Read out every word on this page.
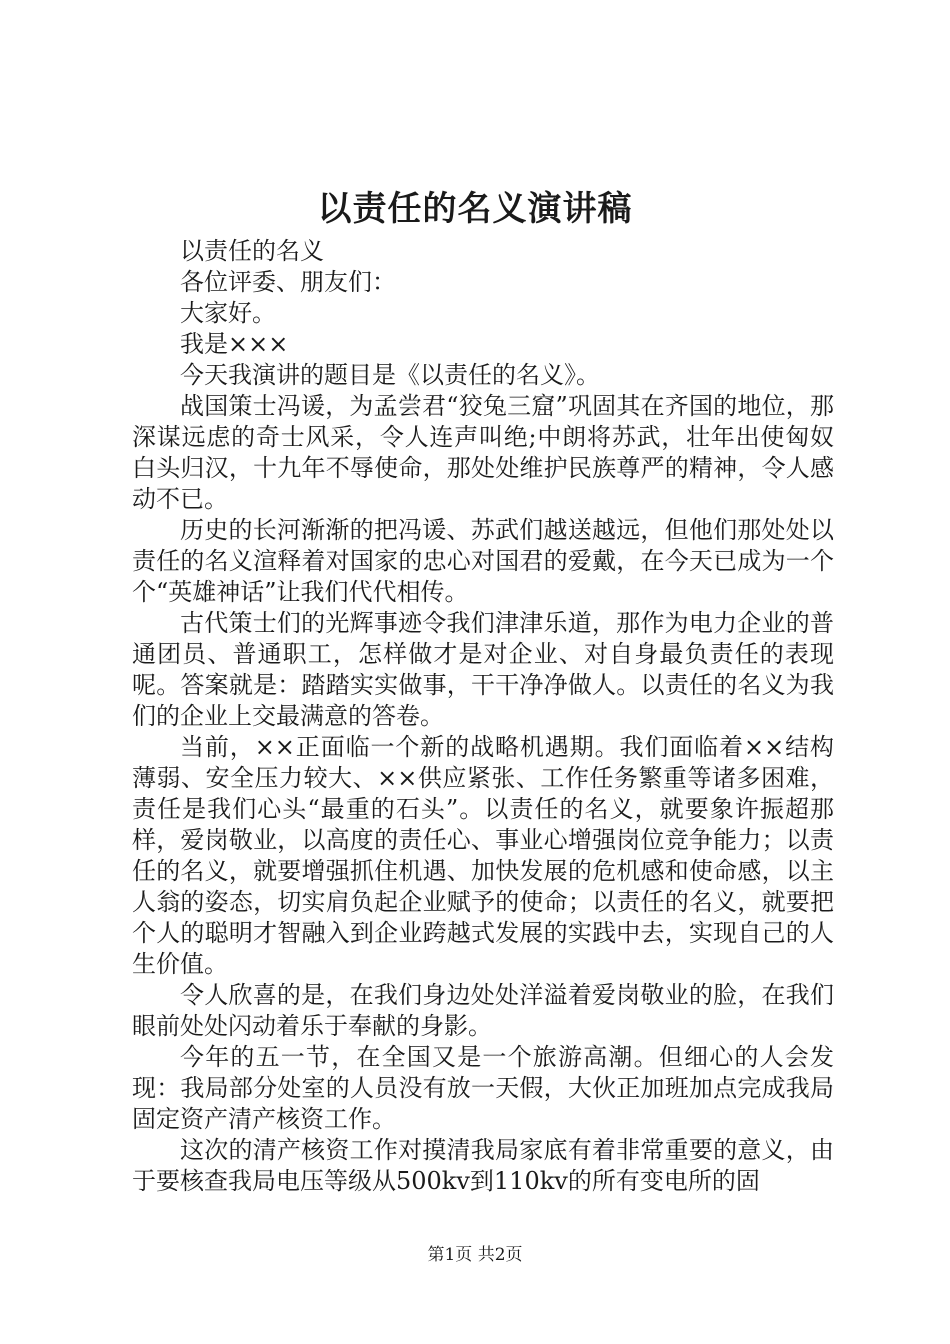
以责任的名义演讲稿

以责任的名义

各位评委、朋友们：

大家好。

我是×××

今天我演讲的题目是《以责任的名义》。

战国策士冯谖，为孟尝君“狡兔三窟”巩固其在齐国的地位，那深谋远虑的奇士风采，令人连声叫绝;中朗将苏武，壮年出使匈奴白头归汉，十九年不辱使命，那处处维护民族尊严的精神，令人感动不已。

历史的长河渐渐的把冯谖、苏武们越送越远，但他们那处处以责任的名义渲释着对国家的忠心对国君的爱戴，在今天已成为一个个“英雄神话”让我们代代相传。

古代策士们的光辉事迹令我们津津乐道，那作为电力企业的普通团员、普通职工，怎样做才是对企业、对自身最负责任的表现呢。答案就是：踏踏实实做事，干干净净做人。以责任的名义为我们的企业上交最满意的答卷。

当前，××正面临一个新的战略机遇期。我们面临着××结构薄弱、安全压力较大、××供应紧张、工作任务繁重等诸多困难，责任是我们心头“最重的石头”。以责任的名义，就要象许振超那样，爱岗敬业，以高度的责任心、事业心增强岗位竞争能力；以责任的名义，就要增强抓住机遇、加快发展的危机感和使命感，以主人翁的姿态，切实肩负起企业赋予的使命；以责任的名义，就要把个人的聪明才智融入到企业跨越式发展的实践中去，实现自己的人生价值。

令人欣喜的是，在我们身边处处洋溢着爱岗敬业的脸，在我们眼前处处闪动着乐于奉献的身影。

今年的五一节，在全国又是一个旅游高潮。但细心的人会发现：我局部分处室的人员没有放一天假，大伙正加班加点完成我局固定资产清产核资工作。

这次的清产核资工作对摸清我局家底有着非常重要的意义，由于要核查我局电压等级从500kv到110kv的所有变电所的固

第1页 共2页
